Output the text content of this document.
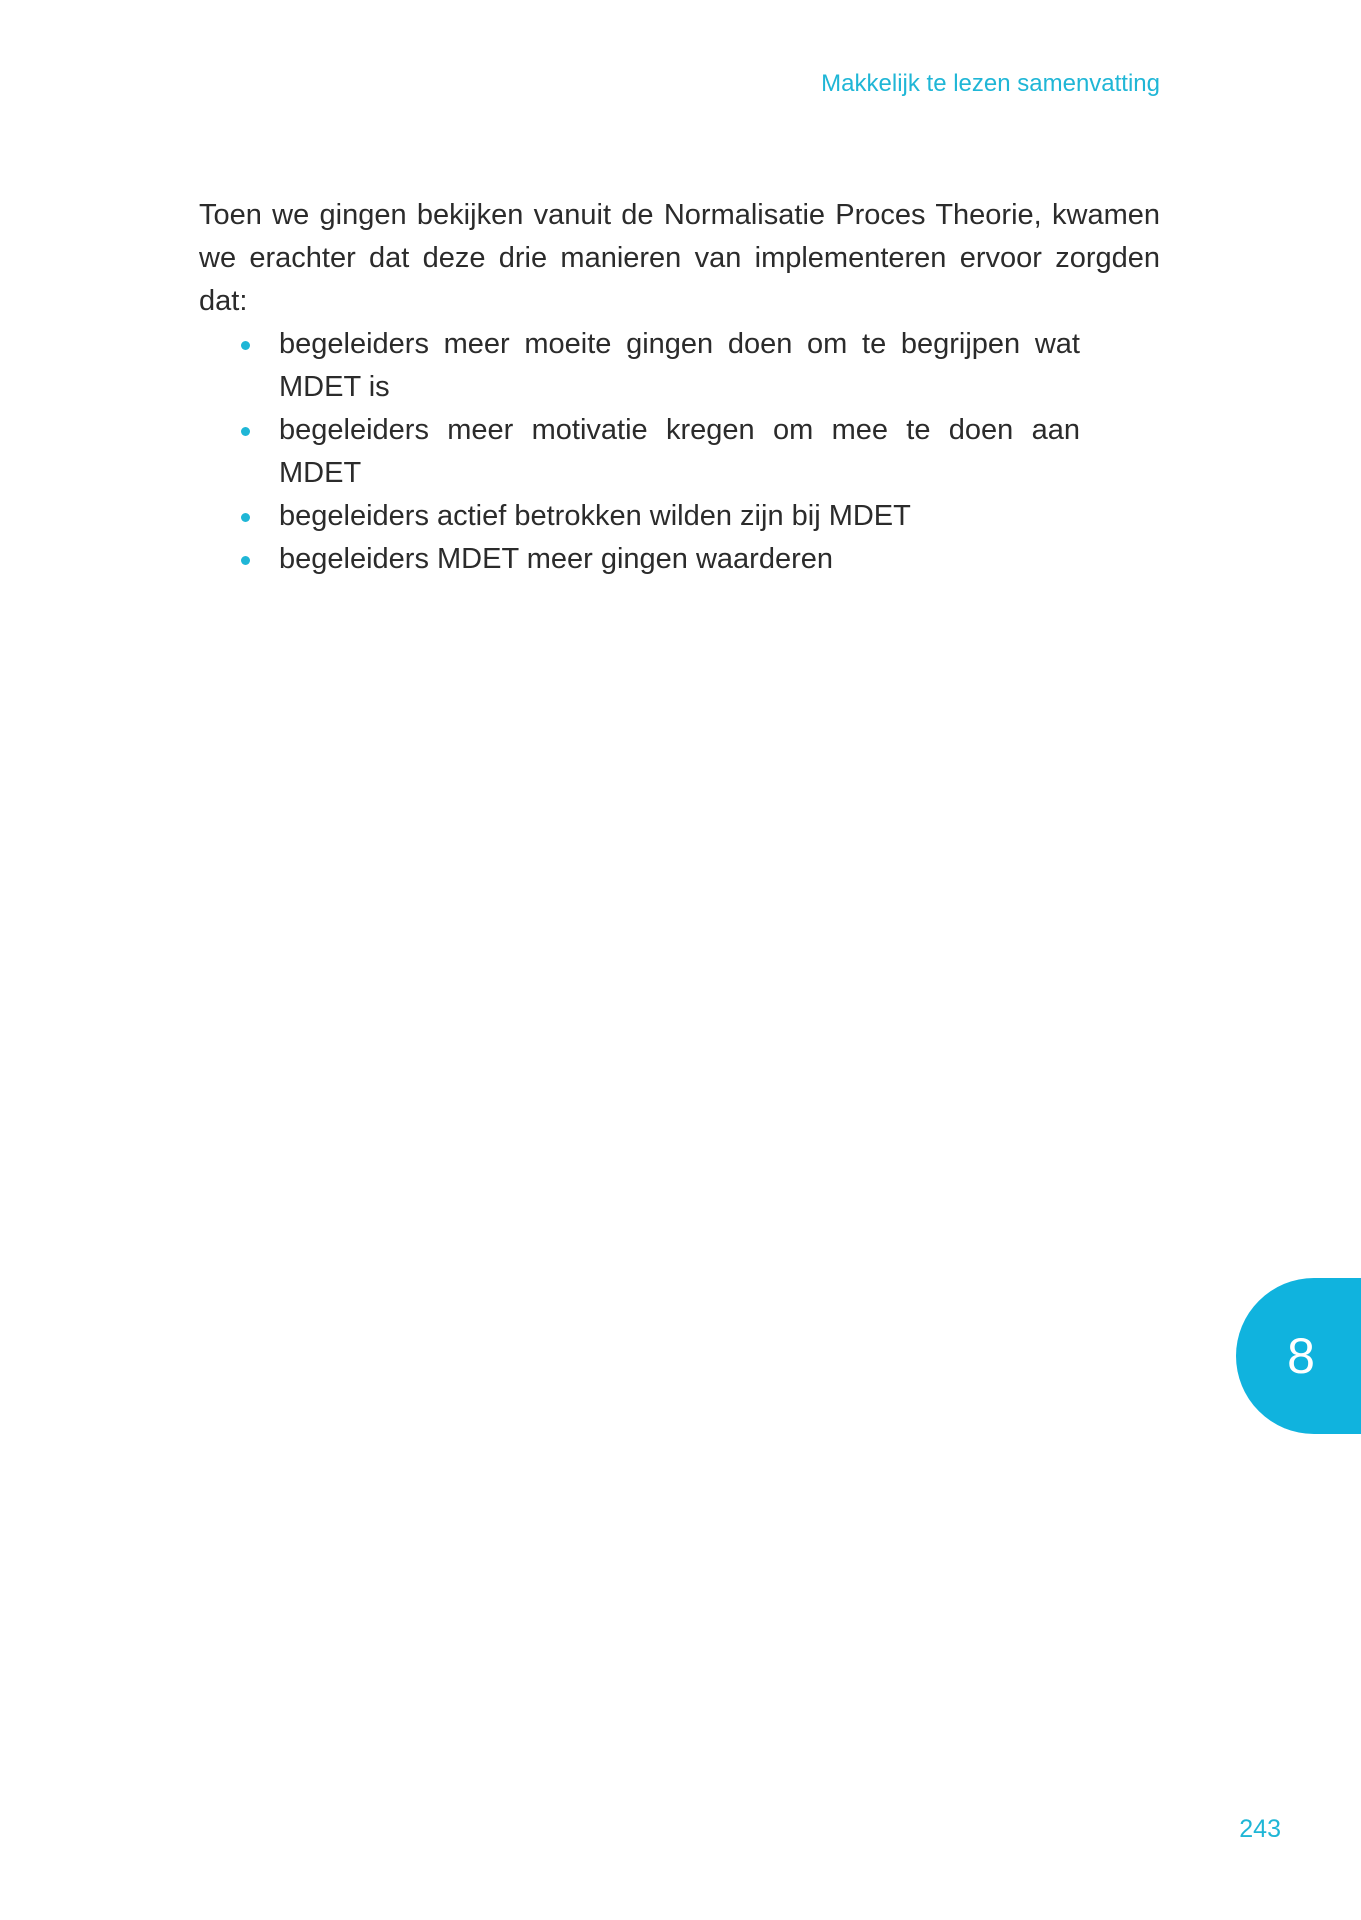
Makkelijk te lezen samenvatting

Toen we gingen bekijken vanuit de Normalisatie Proces Theorie, kwamen
we erachter dat deze drie manieren van implementeren ervoor zorgden dat:

begeleiders meer moeite gingen doen om te begrijpen wat MDET is
begeleiders meer motivatie kregen om mee te doen aan MDET
begeleiders actief betrokken wilden zijn bij MDET
begeleiders MDET meer gingen waarderen
8
243
